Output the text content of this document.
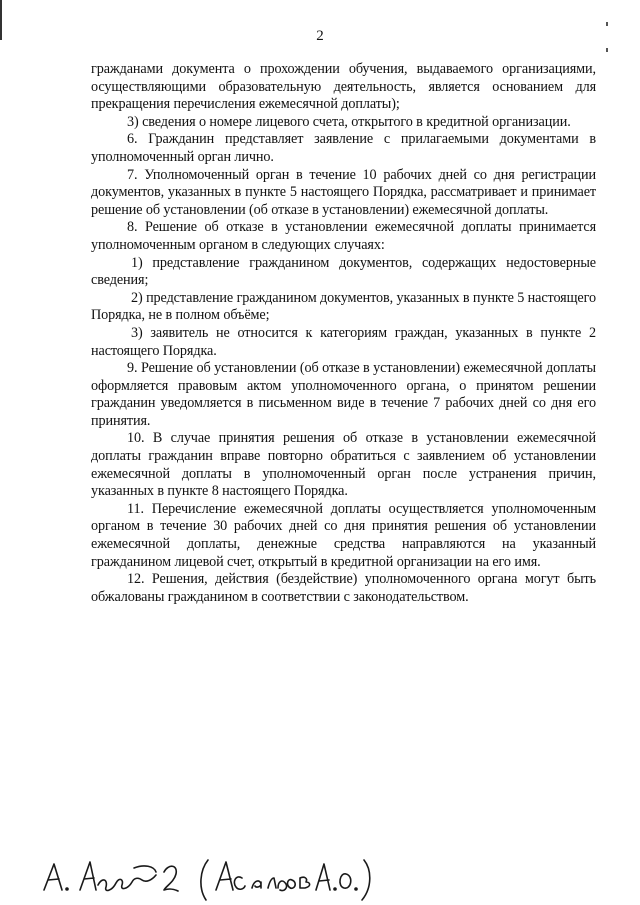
2

гражданами документа о прохождении обучения, выдаваемого организациями, осуществляющими образовательную деятельность, является основанием для прекращения перечисления ежемесячной доплаты);

3) сведения о номере лицевого счета, открытого в кредитной организации.

6. Гражданин представляет заявление с прилагаемыми документами в уполномоченный орган лично.

7. Уполномоченный орган в течение 10 рабочих дней со дня регистрации документов, указанных в пункте 5 настоящего Порядка, рассматривает и принимает решение об установлении (об отказе в установлении) ежемесячной доплаты.

8. Решение об отказе в установлении ежемесячной доплаты принимается уполномоченным органом в следующих случаях:

1) представление гражданином документов, содержащих недостоверные сведения;

2) представление гражданином документов, указанных в пункте 5 настоящего Порядка, не в полном объёме;

3) заявитель не относится к категориям граждан, указанных в пункте 2 настоящего Порядка.

9. Решение об установлении (об отказе в установлении) ежемесячной доплаты оформляется правовым актом уполномоченного органа, о принятом решении гражданин уведомляется в письменном виде в течение 7 рабочих дней со дня его принятия.

10. В случае принятия решения об отказе в установлении ежемесячной доплаты гражданин вправе повторно обратиться с заявлением об установлении ежемесячной доплаты в уполномоченный орган после устранения причин, указанных в пункте 8 настоящего Порядка.

11. Перечисление ежемесячной доплаты осуществляется уполномоченным органом в течение 30 рабочих дней со дня принятия решения об установлении ежемесячной доплаты, денежные средства направляются на указанный гражданином лицевой счет, открытый в кредитной организации на его имя.

12. Решения, действия (бездействие) уполномоченного органа могут быть обжалованы гражданином в соответствии с законодательством.
